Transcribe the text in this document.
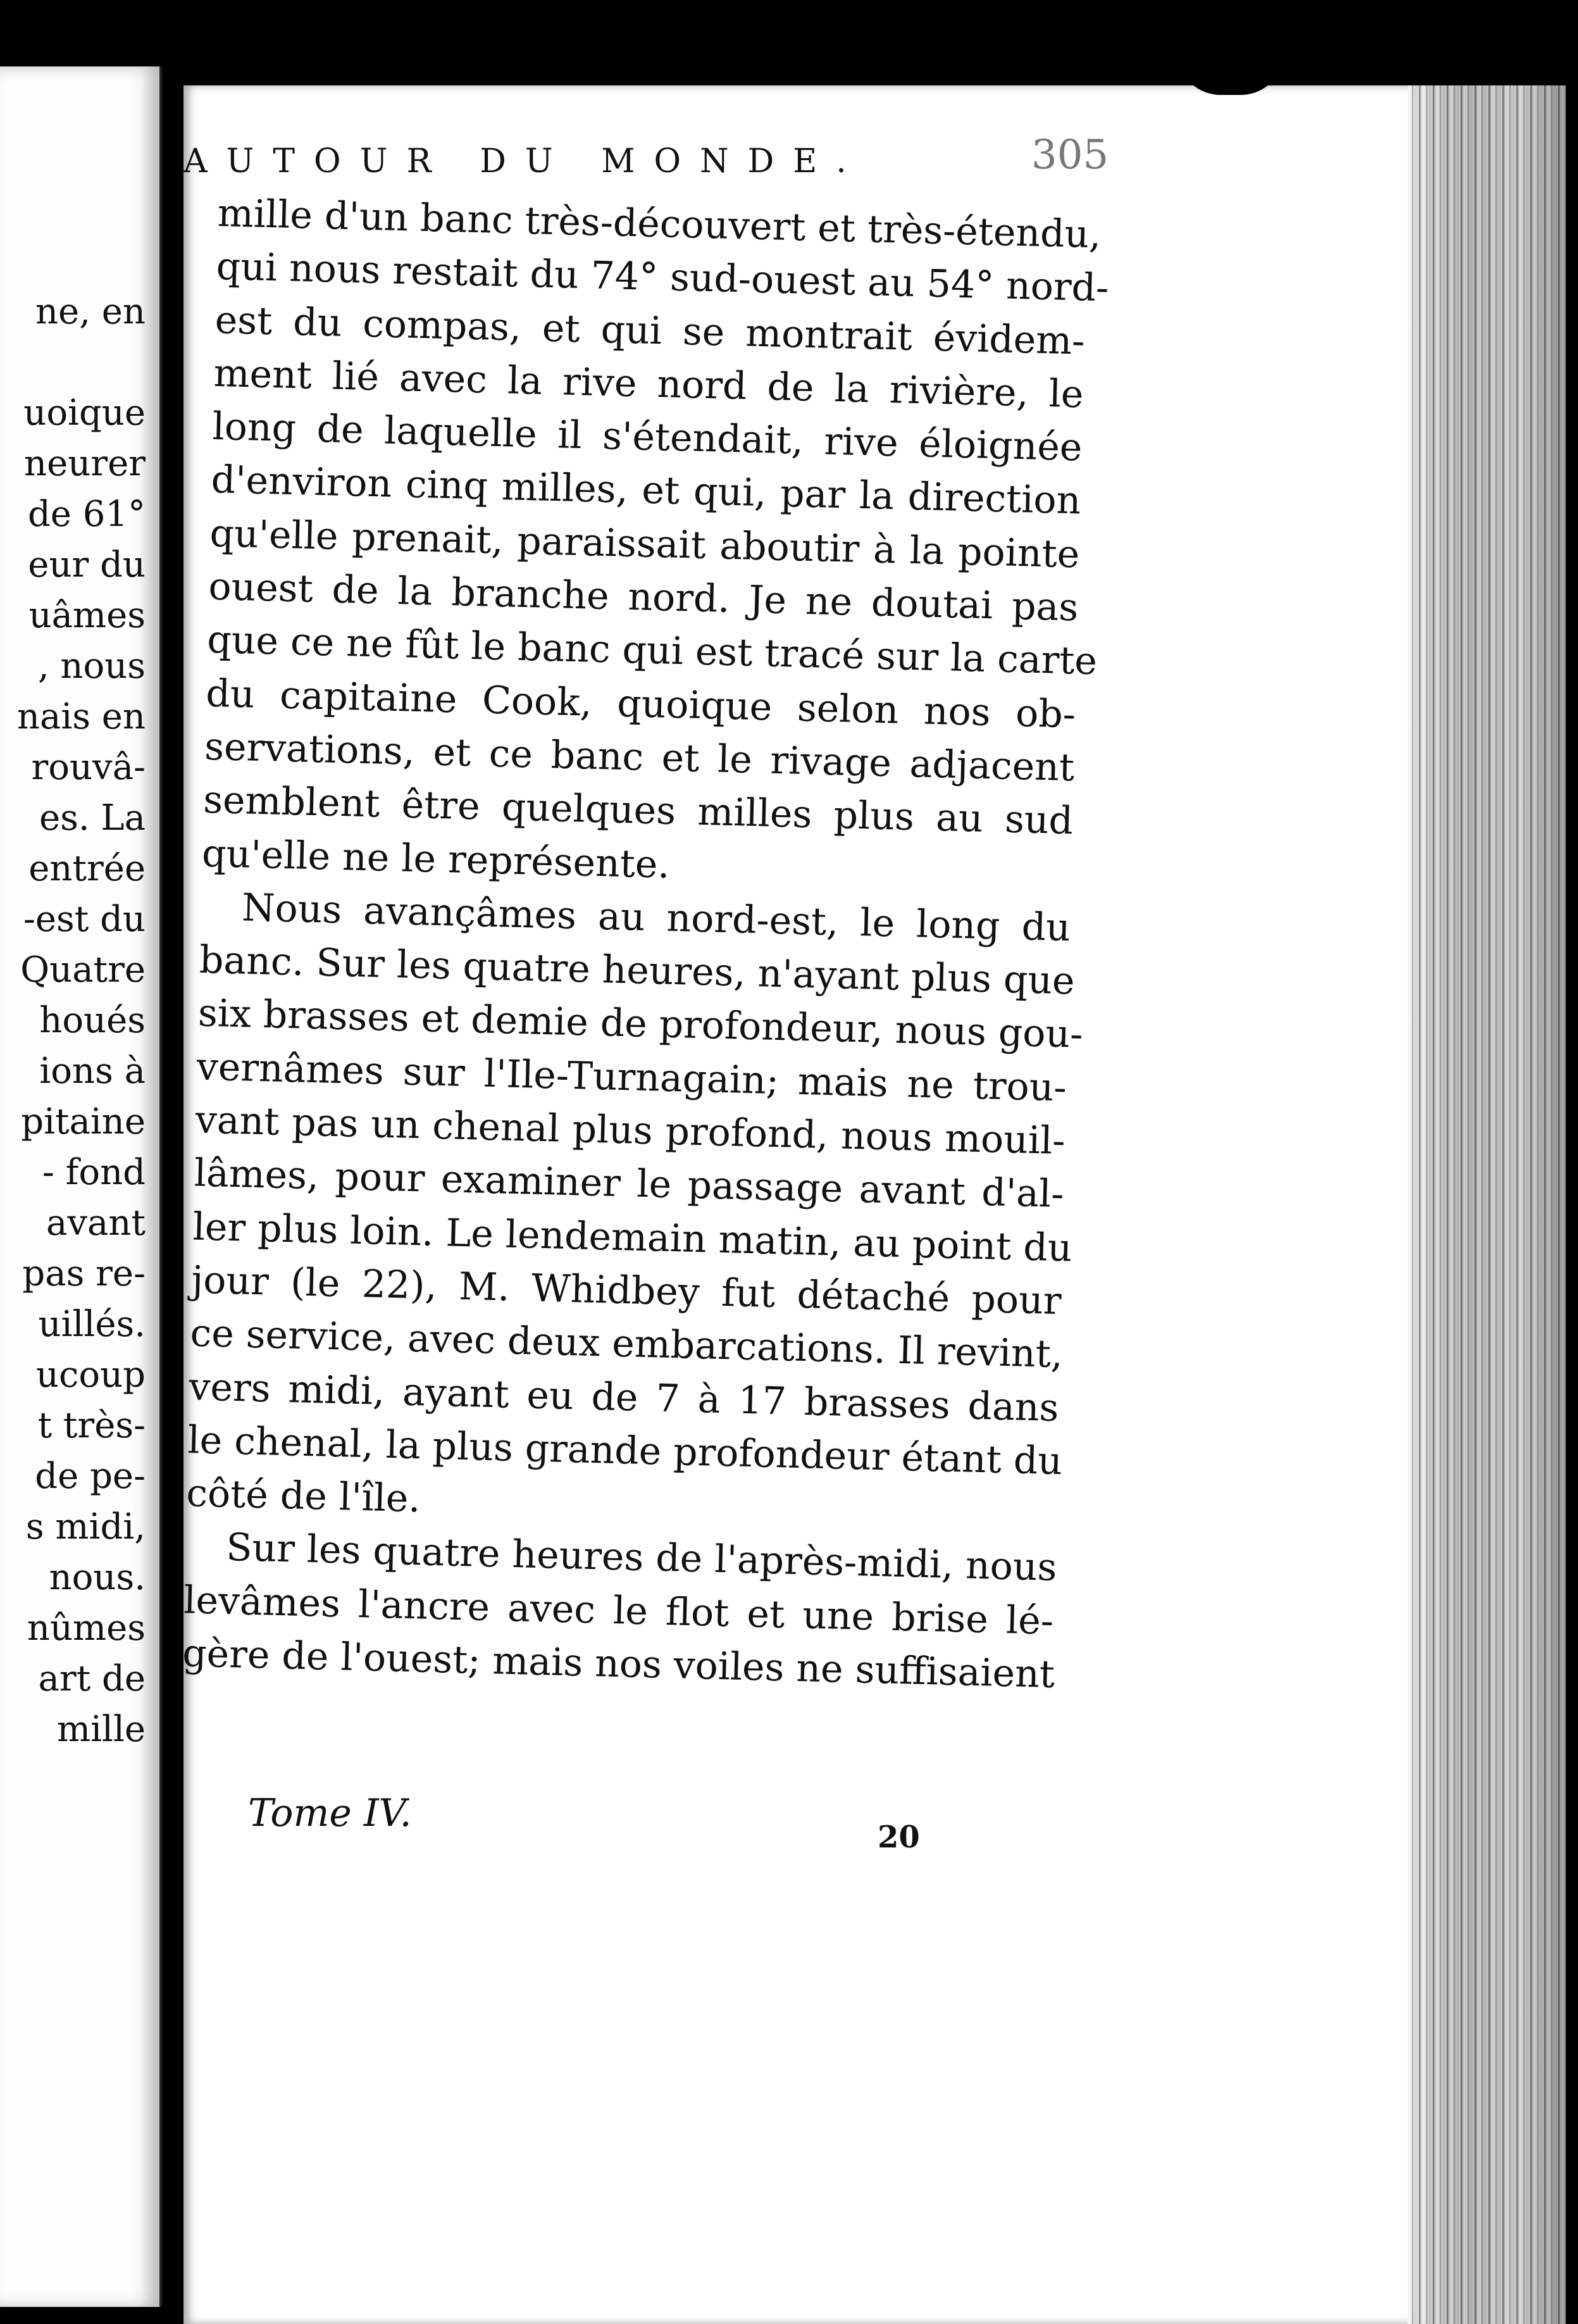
ne, en
uoique
neurer
de 61°
eur du
uâmes
, nous
nais en
rouvâ-
es. La
entrée
-est du
Quatre
houés
ions à
pitaine
- fond
avant
pas re-
uillés.
ucoup
t très-
de pe-
s midi,
nous.
nûmes
art de
mille
AUTOUR DU MONDE.	305
mille d'un banc très-découvert et très-étendu,
qui nous restait du 74° sud-ouest au 54° nord-
est du compas, et qui se montrait évidem-
ment lié avec la rive nord de la rivière, le
long de laquelle il s'étendait, rive éloignée
d'environ cinq milles, et qui, par la direction
qu'elle prenait, paraissait aboutir à la pointe
ouest de la branche nord. Je ne doutai pas
que ce ne fût le banc qui est tracé sur la carte
du capitaine Cook, quoique selon nos ob-
servations, et ce banc et le rivage adjacent
semblent être quelques milles plus au sud
qu'elle ne le représente.
Nous avançâmes au nord-est, le long du
banc. Sur les quatre heures, n'ayant plus que
six brasses et demie de profondeur, nous gou-
vernâmes sur l'Ile-Turnagain; mais ne trou-
vant pas un chenal plus profond, nous mouil-
lâmes, pour examiner le passage avant d'al-
ler plus loin. Le lendemain matin, au point du
jour (le 22), M. Whidbey fut détaché pour
ce service, avec deux embarcations. Il revint,
vers midi, ayant eu de 7 à 17 brasses dans
le chenal, la plus grande profondeur étant du
côté de l'île.
Sur les quatre heures de l'après-midi, nous
levâmes l'ancre avec le flot et une brise lé-
gère de l'ouest; mais nos voiles ne suffisaient
Tome IV.
20
